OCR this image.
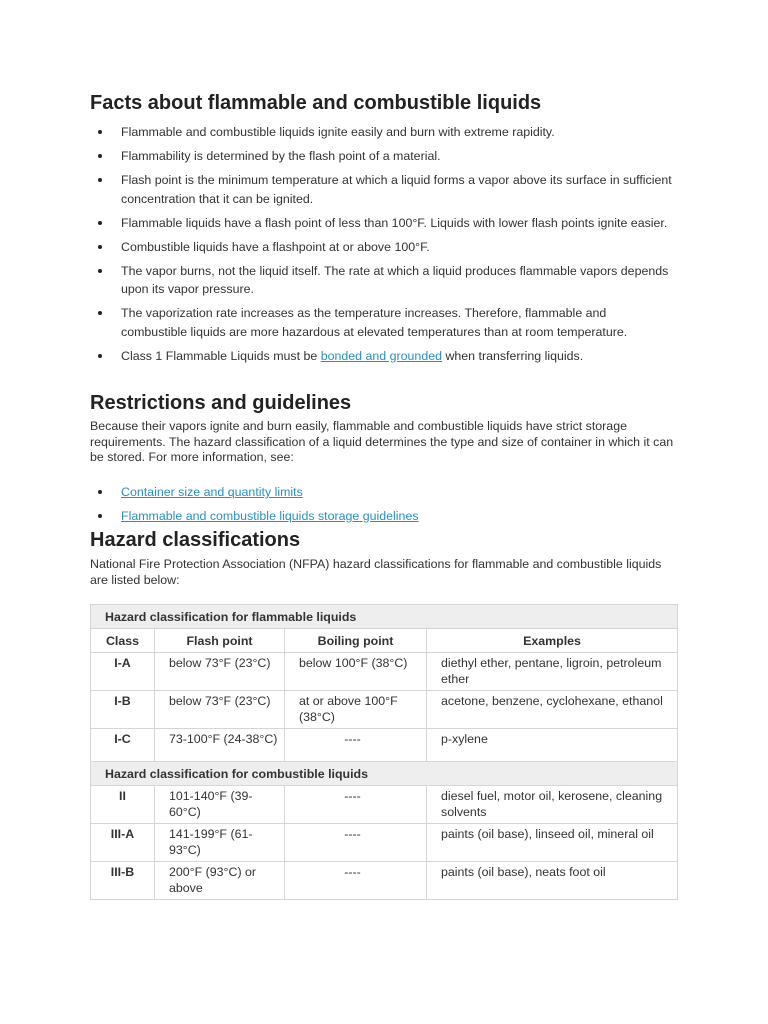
Facts about flammable and combustible liquids
Flammable and combustible liquids ignite easily and burn with extreme rapidity.
Flammability is determined by the flash point of a material.
Flash point is the minimum temperature at which a liquid forms a vapor above its surface in sufficient concentration that it can be ignited.
Flammable liquids have a flash point of less than 100°F. Liquids with lower flash points ignite easier.
Combustible liquids have a flashpoint at or above 100°F.
The vapor burns, not the liquid itself. The rate at which a liquid produces flammable vapors depends upon its vapor pressure.
The vaporization rate increases as the temperature increases. Therefore, flammable and combustible liquids are more hazardous at elevated temperatures than at room temperature.
Class 1 Flammable Liquids must be bonded and grounded when transferring liquids.
Restrictions and guidelines

Because their vapors ignite and burn easily, flammable and combustible liquids have strict storage requirements. The hazard classification of a liquid determines the type and size of container in which it can be stored. For more information, see:

Container size and quantity limits
Flammable and combustible liquids storage guidelines
Hazard classifications

National Fire Protection Association (NFPA) hazard classifications for flammable and combustible liquids are listed below:

Hazard classification for flammable liquids			
Class	Flash point	Boiling point	Examples
I-A	below 73°F (23°C)	below 100°F (38°C)	diethyl ether, pentane, ligroin, petroleum ether
I-B	below 73°F (23°C)	at or above 100°F (38°C)	acetone, benzene, cyclohexane, ethanol
I-C	73-100°F (24-38°C)	----	p-xylene
Hazard classification for combustible liquids			
II	101-140°F (39-60°C)	----	diesel fuel, motor oil, kerosene, cleaning solvents
III-A	141-199°F (61-93°C)	----	paints (oil base), linseed oil, mineral oil
III-B	200°F (93°C) or above	----	paints (oil base), neats foot oil
